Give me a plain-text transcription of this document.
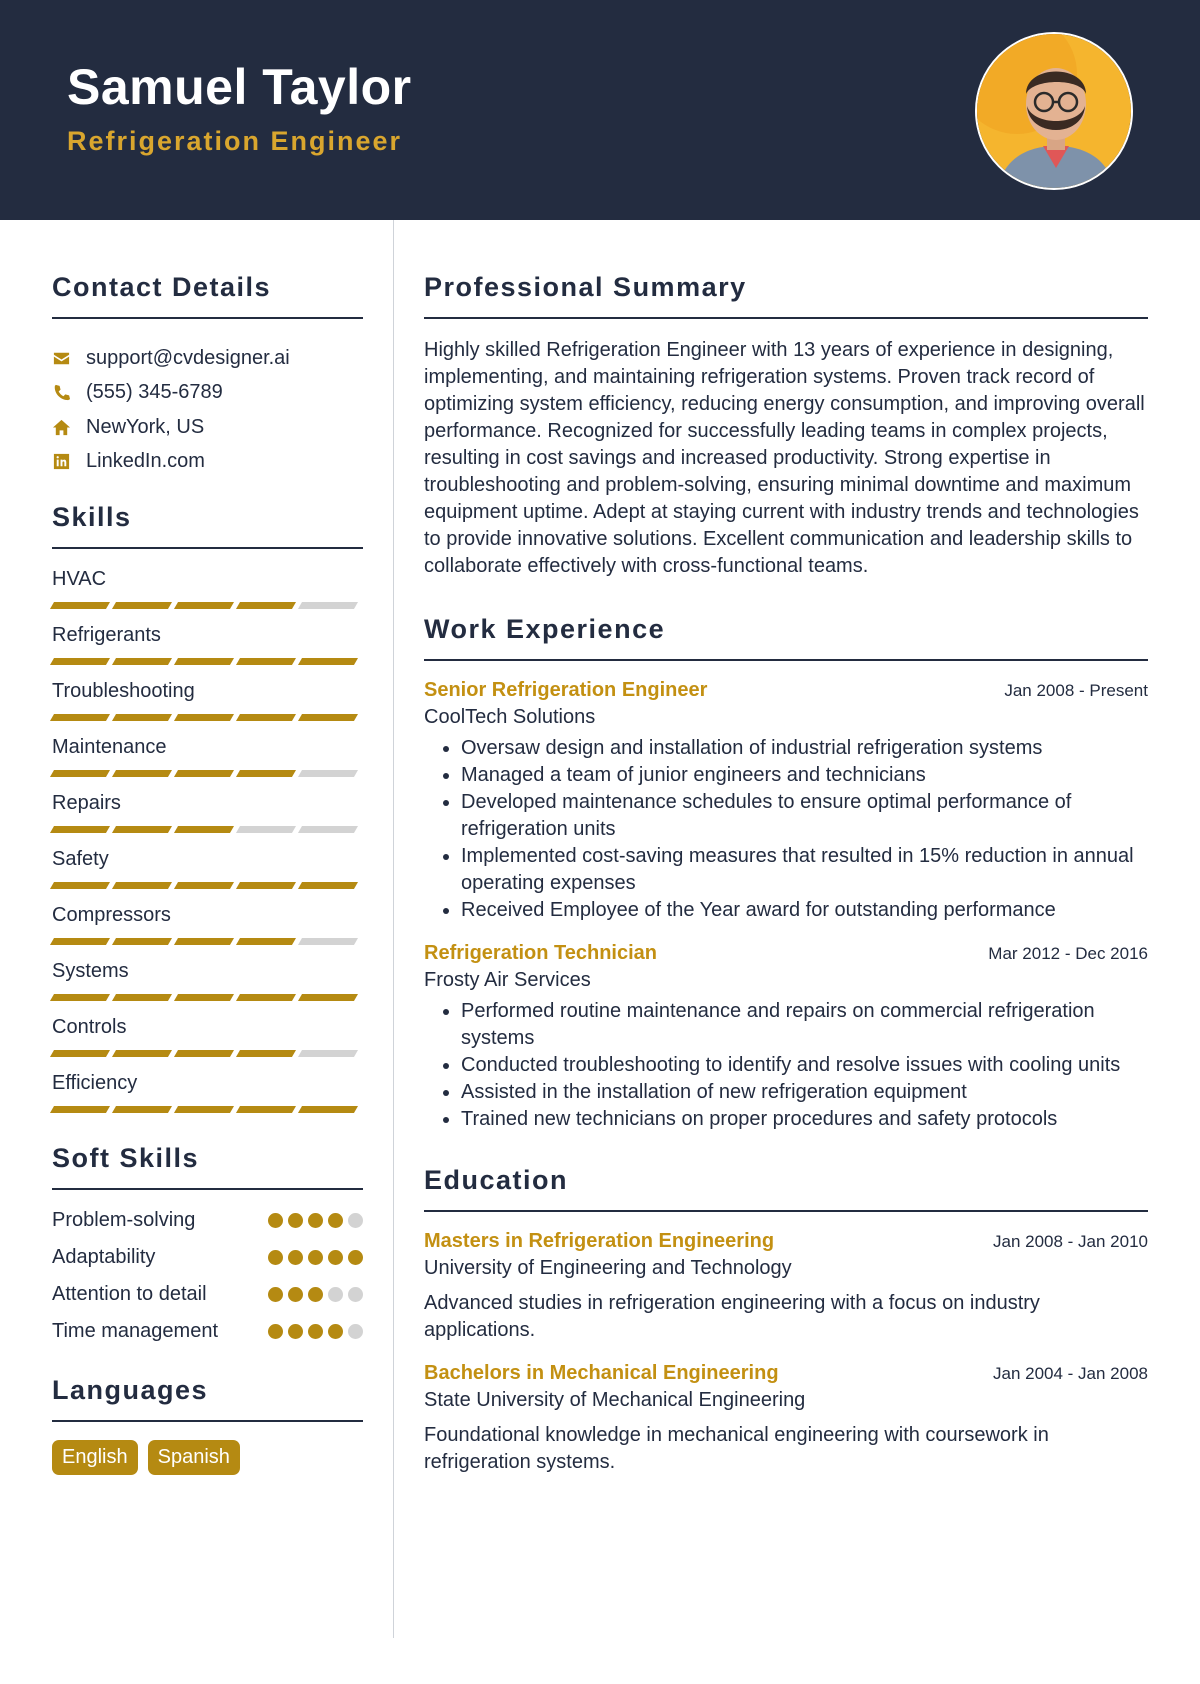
Samuel Taylor
Refrigeration Engineer
Contact Details
support@cvdesigner.ai
(555) 345-6789
NewYork, US
LinkedIn.com
Skills
HVAC
Refrigerants
Troubleshooting
Maintenance
Repairs
Safety
Compressors
Systems
Controls
Efficiency
Soft Skills
Problem-solving
Adaptability
Attention to detail
Time management
Languages
English	Spanish
Professional Summary
Highly skilled Refrigeration Engineer with 13 years of experience in designing, implementing, and maintaining refrigeration systems. Proven track record of optimizing system efficiency, reducing energy consumption, and improving overall performance. Recognized for successfully leading teams in complex projects, resulting in cost savings and increased productivity. Strong expertise in troubleshooting and problem-solving, ensuring minimal downtime and maximum equipment uptime. Adept at staying current with industry trends and technologies to provide innovative solutions. Excellent communication and leadership skills to collaborate effectively with cross-functional teams.
Work Experience
Senior Refrigeration Engineer	Jan 2008 - Present
CoolTech Solutions
• Oversaw design and installation of industrial refrigeration systems
• Managed a team of junior engineers and technicians
• Developed maintenance schedules to ensure optimal performance of refrigeration units
• Implemented cost-saving measures that resulted in 15% reduction in annual operating expenses
• Received Employee of the Year award for outstanding performance
Refrigeration Technician	Mar 2012 - Dec 2016
Frosty Air Services
• Performed routine maintenance and repairs on commercial refrigeration systems
• Conducted troubleshooting to identify and resolve issues with cooling units
• Assisted in the installation of new refrigeration equipment
• Trained new technicians on proper procedures and safety protocols
Education
Masters in Refrigeration Engineering	Jan 2008 - Jan 2010
University of Engineering and Technology
Advanced studies in refrigeration engineering with a focus on industry applications.
Bachelors in Mechanical Engineering	Jan 2004 - Jan 2008
State University of Mechanical Engineering
Foundational knowledge in mechanical engineering with coursework in refrigeration systems.
